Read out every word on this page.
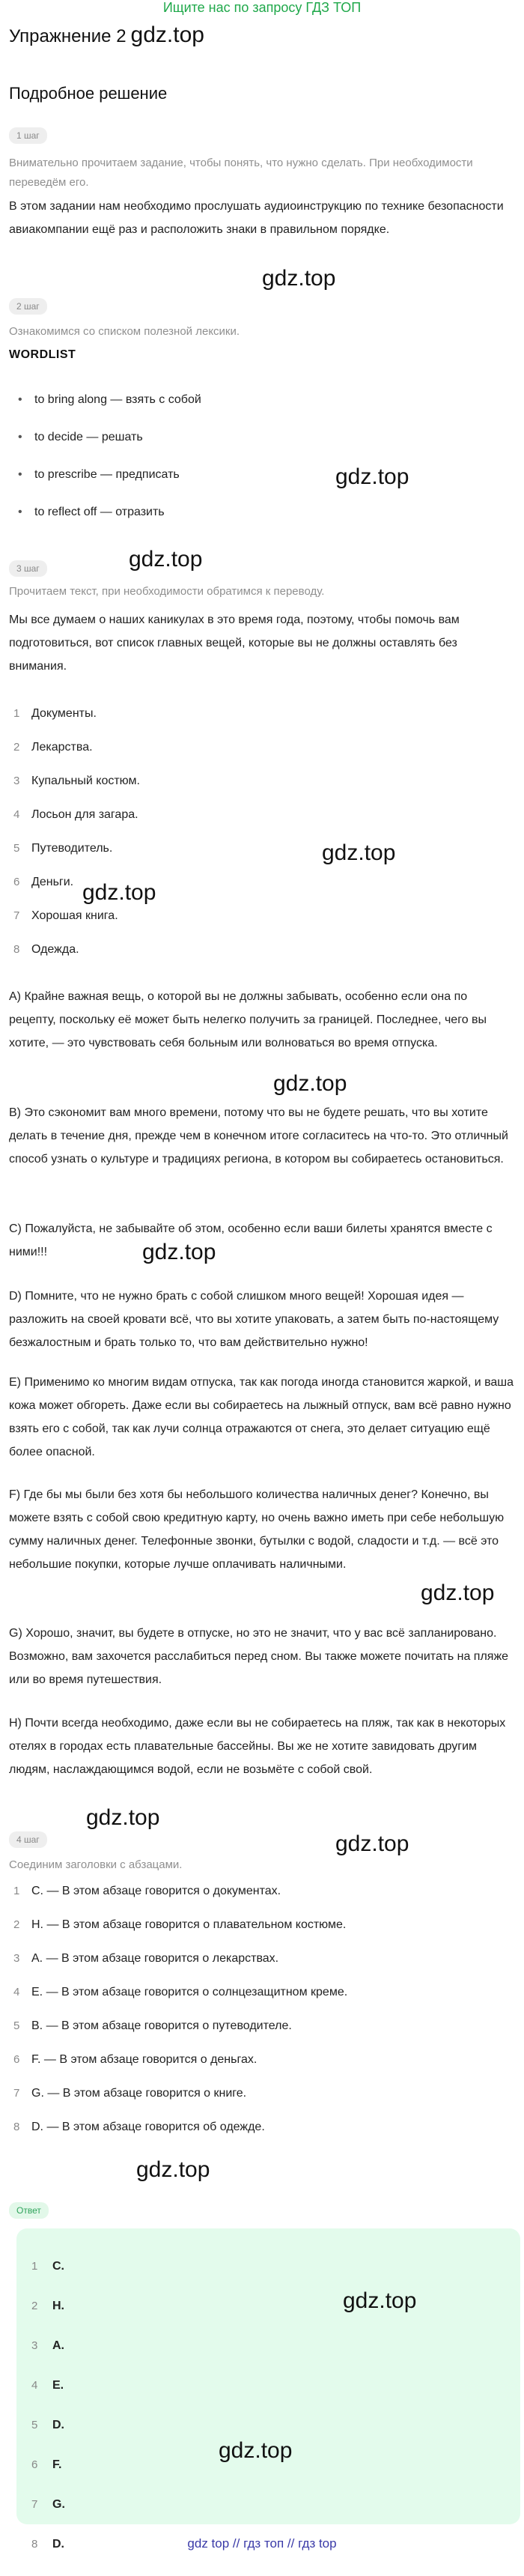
Ищите нас по запросу ГДЗ ТОП
Упражнение 2 gdz.top
Подробное решение
1 шаг
Внимательно прочитаем задание, чтобы понять, что нужно сделать. При необходимости переведём его.
В этом задании нам необходимо прослушать аудиоинструкцию по технике безопасности авиакомпании ещё раз и расположить знаки в правильном порядке.
2 шаг
Ознакомимся со списком полезной лексики.
WORDLIST
• to bring along — взять с собой
• to decide — решать
• to prescribe — предписать
• to reflect off — отразить
3 шаг
Прочитаем текст, при необходимости обратимся к переводу.
Мы все думаем о наших каникулах в это время года, поэтому, чтобы помочь вам подготовиться, вот список главных вещей, которые вы не должны оставлять без внимания.
1 Документы.
2 Лекарства.
3 Купальный костюм.
4 Лосьон для загара.
5 Путеводитель.
6 Деньги.
7 Хорошая книга.
8 Одежда.
А) Крайне важная вещь, о которой вы не должны забывать, особенно если она по рецепту, поскольку её может быть нелегко получить за границей. Последнее, чего вы хотите, — это чувствовать себя больным или волноваться во время отпуска.
В) Это сэкономит вам много времени, потому что вы не будете решать, что вы хотите делать в течение дня, прежде чем в конечном итоге согласитесь на что-то. Это отличный способ узнать о культуре и традициях региона, в котором вы собираетесь остановиться.
С) Пожалуйста, не забывайте об этом, особенно если ваши билеты хранятся вместе с ними!!!
D) Помните, что не нужно брать с собой слишком много вещей! Хорошая идея — разложить на своей кровати всё, что вы хотите упаковать, а затем быть по-настоящему безжалостным и брать только то, что вам действительно нужно!
E) Применимо ко многим видам отпуска, так как погода иногда становится жаркой, и ваша кожа может обгореть. Даже если вы собираетесь на лыжный отпуск, вам всё равно нужно взять его с собой, так как лучи солнца отражаются от снега, это делает ситуацию ещё более опасной.
F) Где бы мы были без хотя бы небольшого количества наличных денег? Конечно, вы можете взять с собой свою кредитную карту, но очень важно иметь при себе небольшую сумму наличных денег. Телефонные звонки, бутылки с водой, сладости и т.д. — всё это небольшие покупки, которые лучше оплачивать наличными.
G) Хорошо, значит, вы будете в отпуске, но это не значит, что у вас всё запланировано. Возможно, вам захочется расслабиться перед сном. Вы также можете почитать на пляже или во время путешествия.
H) Почти всегда необходимо, даже если вы не собираетесь на пляж, так как в некоторых отелях в городах есть плавательные бассейны. Вы же не хотите завидовать другим людям, наслаждающимся водой, если не возьмёте с собой свой.
4 шаг
Соединим заголовки с абзацами.
1 С. — В этом абзаце говорится о документах.
2 Н. — В этом абзаце говорится о плавательном костюме.
3 А. — В этом абзаце говорится о лекарствах.
4 Е. — В этом абзаце говорится о солнцезащитном креме.
5 В. — В этом абзаце говорится о путеводителе.
6 F. — В этом абзаце говорится о деньгах.
7 G. — В этом абзаце говорится о книге.
8 D. — В этом абзаце говорится об одежде.
Ответ
1	С.
2	Н.
3	А.
4	Е.
5	D.
6	F.
7	G.
8	D.
gdz.top
gdz.top
gdz.top
gdz.top
gdz.top
gdz.top
gdz.top
gdz.top
gdz.top
gdz.top
gdz.top
gdz.top
gdz.top
gdz top // гдз топ // гдз top
